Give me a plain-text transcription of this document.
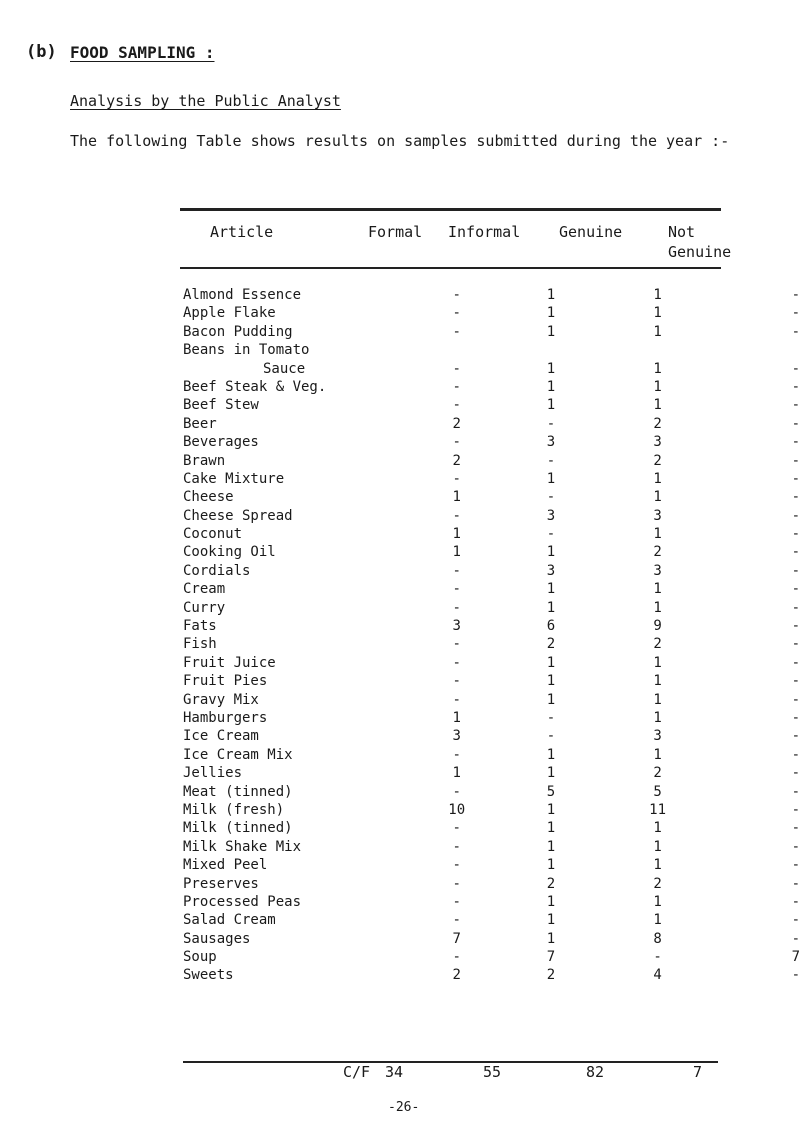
(b) FOOD SAMPLING :
Analysis by the Public Analyst
The following Table shows results on samples submitted during the year :-
Article	Formal Informal	Genuine	Not
Genuine
Almond Essence	-	1	1	-
Apple Flake	-	1	1	-
Bacon Pudding	-	1	1	-
Beans in Tomato				
Sauce	-	1	1	-
Beef Steak & Veg.	-	1	1	-
Beef Stew	-	1	1	-
Beer	2	-	2	-
Beverages	-	3	3	-
Brawn	2	-	2	-
Cake Mixture	-	1	1	-
Cheese	1	-	1	-
Cheese Spread	-	3	3	-
Coconut	1	-	1	-
Cooking Oil	1	1	2	-
Cordials	-	3	3	-
Cream	-	1	1	-
Curry	-	1	1	-
Fats	3	6	9	-
Fish	-	2	2	-
Fruit Juice	-	1	1	-
Fruit Pies	-	1	1	-
Gravy Mix	-	1	1	-
Hamburgers	1	-	1	-
Ice Cream	3	-	3	-
Ice Cream Mix	-	1	1	-
Jellies	1	1	2	-
Meat (tinned)	-	5	5	-
Milk (fresh)	10	1	11	-
Milk (tinned)	-	1	1	-
Milk Shake Mix	-	1	1	-
Mixed Peel	-	1	1	-
Preserves	-	2	2	-
Processed Peas	-	1	1	-
Salad Cream	-	1	1	-
Sausages	7	1	8	-
Soup	-	7	-	7
Sweets	2	2	4	-
C/F 34	55	82	7
-26-
